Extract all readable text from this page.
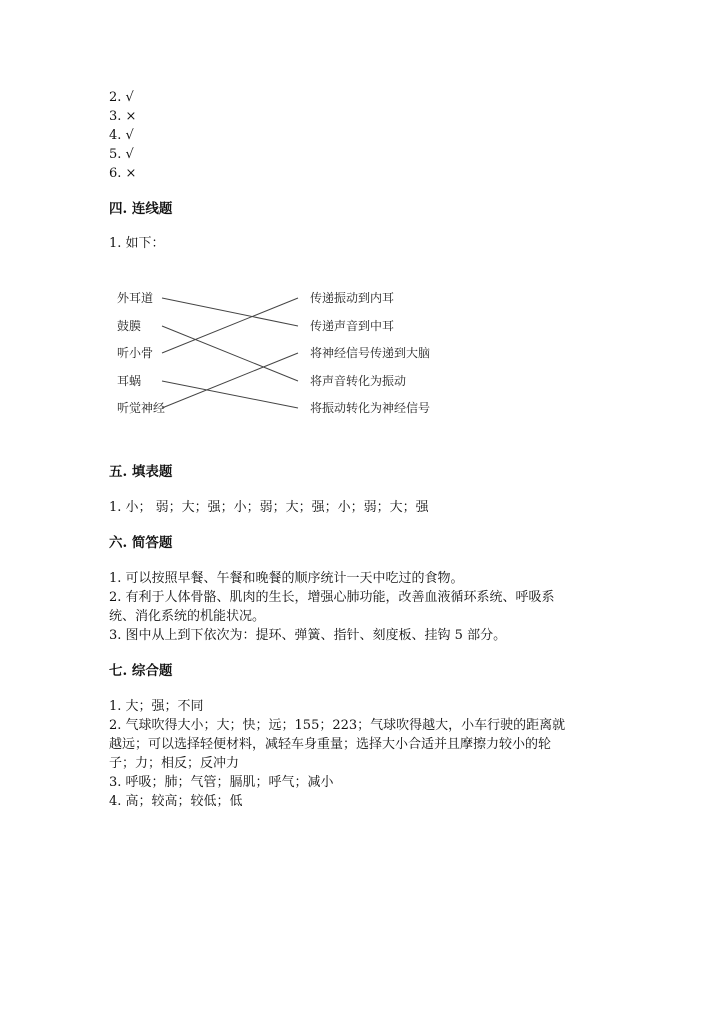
2. √
3. ×
4. √
5. √
6. ×
四. 连线题
1. 如下：
外耳道
鼓膜
听小骨
耳蜗
听觉神经
传递振动到内耳
传递声音到中耳
将神经信号传递到大脑
将声音转化为振动
将振动转化为神经信号
五. 填表题
1. 小； 弱；大；强；小；弱；大；强；小；弱；大；强
六. 简答题
1. 可以按照早餐、午餐和晚餐的顺序统计一天中吃过的食物。
2. 有利于人体骨骼、肌肉的生长，增强心肺功能，改善血液循环系统、呼吸系
统、消化系统的机能状况。
3. 图中从上到下依次为：提环、弹簧、指针、刻度板、挂钩 5 部分。
七. 综合题
1. 大；强；不同
2. 气球吹得大小；大；快；远；155；223；气球吹得越大，小车行驶的距离就
越远；可以选择轻便材料，减轻车身重量；选择大小合适并且摩擦力较小的轮
子；力；相反；反冲力
3. 呼吸；肺；气管；膈肌；呼气；减小
4. 高；较高；较低；低
